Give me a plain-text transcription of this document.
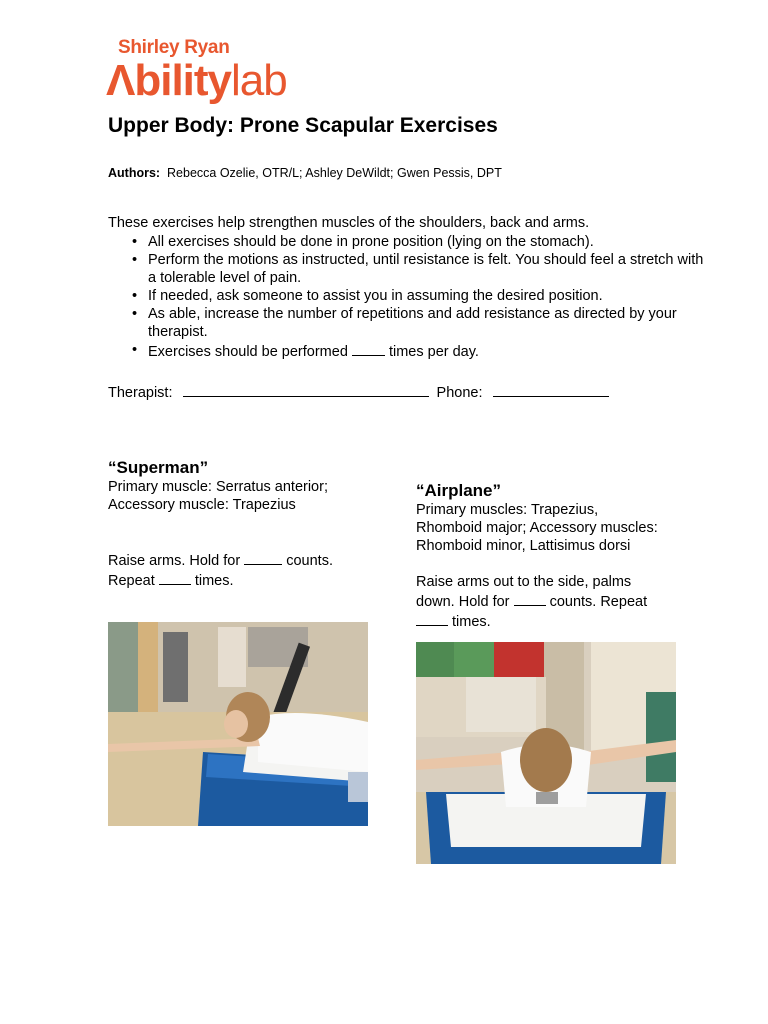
Shirley Ryan
Λbilitylab
Upper Body: Prone Scapular Exercises
Authors: Rebecca Ozelie, OTR/L; Ashley DeWildt; Gwen Pessis, DPT
These exercises help strengthen muscles of the shoulders, back and arms.
• All exercises should be done in prone position (lying on the stomach).
• Perform the motions as instructed, until resistance is felt. You should feel a stretch with a tolerable level of pain.
• If needed, ask someone to assist you in assuming the desired position.
• As able, increase the number of repetitions and add resistance as directed by your therapist.
• Exercises should be performed	times per day.
Therapist:	Phone:
“Superman”
Primary muscle: Serratus anterior;
Accessory muscle: Trapezius
Raise arms. Hold for	counts.
Repeat	times.
“Airplane”
Primary muscles: Trapezius,
Rhomboid major; Accessory muscles:
Rhomboid minor, Lattisimus dorsi
Raise arms out to the side, palms
down. Hold for	counts. Repeat
times.
